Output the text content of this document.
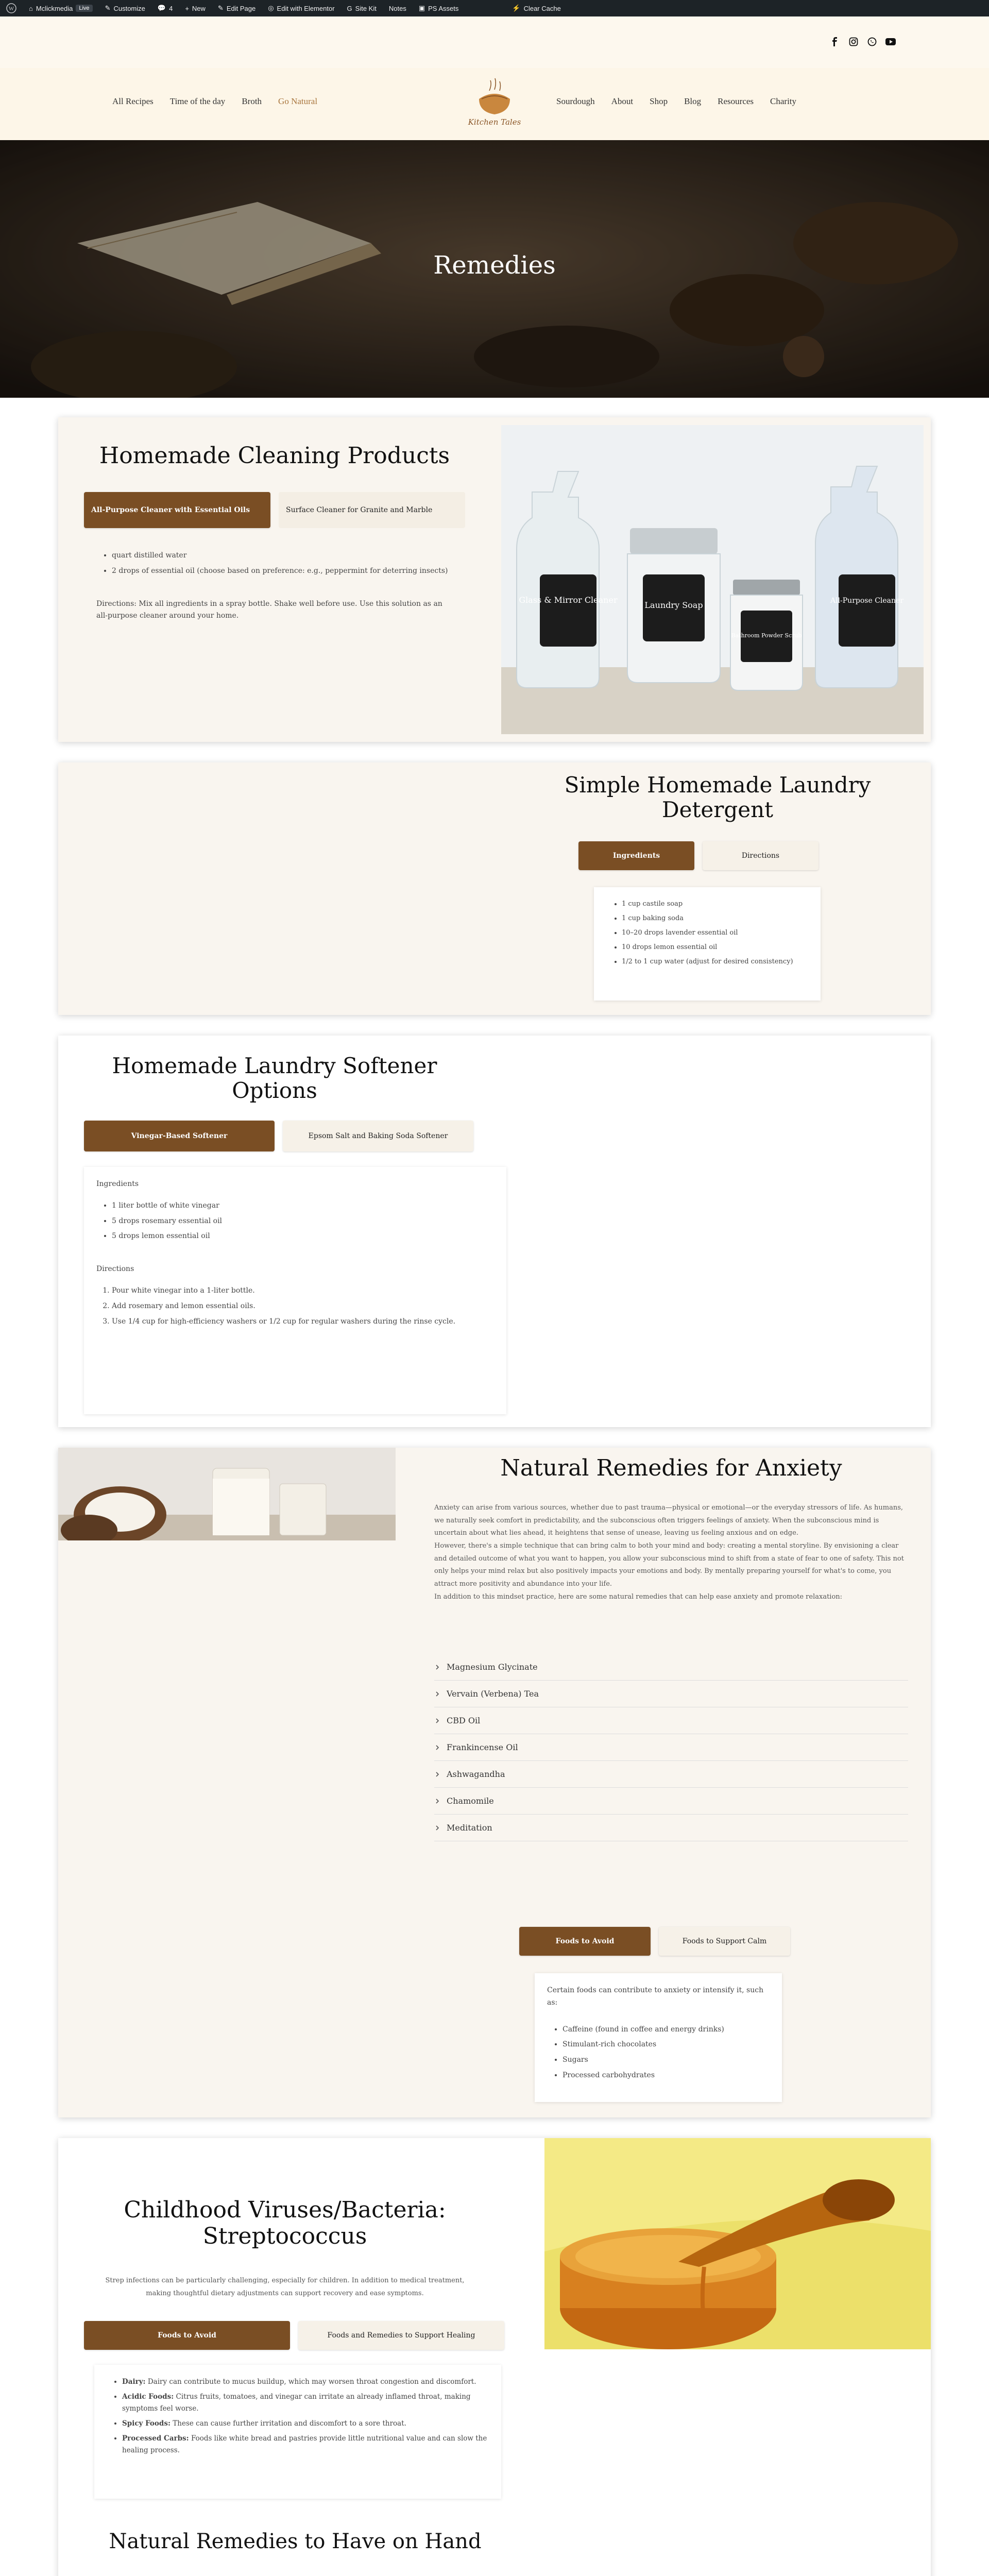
W ⌂ Mclickmedia	Live	✎ Customize 💬 4 + New ✎ Edit Page ◎ Edit with Elementor G Site Kit Notes ▣ PS Assets	⚡ Clear Cache
All Recipes Time of the day Broth Go Natural
Kitchen Tales
Sourdough About Shop Blog Resources Charity
Remedies
Homemade Cleaning Products
All-Purpose Cleaner with Essential Oils	Surface Cleaner for Granite and Marble
• quart distilled water
• 2 drops of essential oil (choose based on preference: e.g., peppermint for deterring insects)

Directions: Mix all ingredients in a spray bottle. Shake well before use. Use this solution as an all-purpose cleaner around your home.

Glass & Mirror Cleaner
Laundry Soap
Bathroom Powder Scrub
All-Purpose Cleaner
Simple Homemade Laundry Detergent
Ingredients	Directions
• 1 cup castile soap
• 1 cup baking soda
• 10–20 drops lavender essential oil
• 10 drops lemon essential oil
• 1/2 to 1 cup water (adjust for desired consistency)
Homemade Laundry Softener Options
Vinegar-Based Softener	Epsom Salt and Baking Soda Softener

Ingredients

• 1 liter bottle of white vinegar
• 5 drops rosemary essential oil
• 5 drops lemon essential oil

Directions

1. Pour white vinegar into a 1-liter bottle.
2. Add rosemary and lemon essential oils.
3. Use 1/4 cup for high-efficiency washers or 1/2 cup for regular washers during the rinse cycle.
Natural Remedies for Anxiety

Anxiety can arise from various sources, whether due to past trauma—physical or emotional—or the everyday stressors of life. As humans, we naturally seek comfort in predictability, and the subconscious often triggers feelings of anxiety. When the subconscious mind is uncertain about what lies ahead, it heightens that sense of unease, leaving us feeling anxious and on edge.

However, there's a simple technique that can bring calm to both your mind and body: creating a mental storyline. By envisioning a clear and detailed outcome of what you want to happen, you allow your subconscious mind to shift from a state of fear to one of safety. This not only helps your mind relax but also positively impacts your emotions and body. By mentally preparing yourself for what's to come, you attract more positivity and abundance into your life.

In addition to this mindset practice, here are some natural remedies that can help ease anxiety and promote relaxation:

Magnesium Glycinate
Vervain (Verbena) Tea
CBD Oil
Frankincense Oil
Ashwagandha
Chamomile
Meditation
Foods to Avoid	Foods to Support Calm

Certain foods can contribute to anxiety or intensify it, such as:

• Caffeine (found in coffee and energy drinks)
• Stimulant-rich chocolates
• Sugars
• Processed carbohydrates
Childhood Viruses/Bacteria: Streptococcus

Strep infections can be particularly challenging, especially for children. In addition to medical treatment, making thoughtful dietary adjustments can support recovery and ease symptoms.

Foods to Avoid	Foods and Remedies to Support Healing
• Dairy: Dairy can contribute to mucus buildup, which may worsen throat congestion and discomfort.
• Acidic Foods: Citrus fruits, tomatoes, and vinegar can irritate an already inflamed throat, making symptoms feel worse.
• Spicy Foods: These can cause further irritation and discomfort to a sore throat.
• Processed Carbs: Foods like white bread and pastries provide little nutritional value and can slow the healing process.
Natural Remedies to Have on Hand
